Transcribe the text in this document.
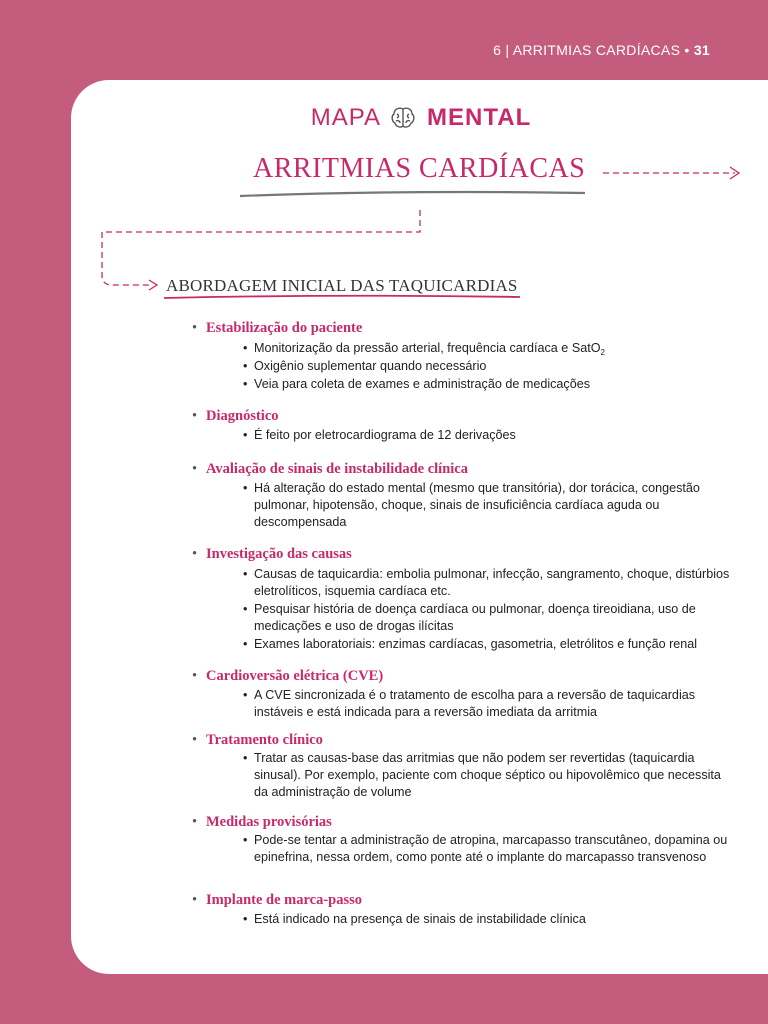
6 | ARRITMIAS CARDÍACAS • 31
MAPA MENTAL
ARRITMIAS CARDÍACAS
ABORDAGEM INICIAL DAS TAQUICARDIAS
• Estabilização do paciente
• Monitorização da pressão arterial, frequência cardíaca e SatO$_2$
• Oxigênio suplementar quando necessário
• Veia para coleta de exames e administração de medicações
• Diagnóstico
• É feito por eletrocardiograma de 12 derivações
• Avaliação de sinais de instabilidade clínica
• Há alteração do estado mental (mesmo que transitória), dor torácica, congestão pulmonar, hipotensão, choque, sinais de insuficiência cardíaca aguda ou descompensada
• Investigação das causas
• Causas de taquicardia: embolia pulmonar, infecção, sangramento, choque, distúrbios eletrolíticos, isquemia cardíaca etc.
• Pesquisar história de doença cardíaca ou pulmonar, doença tireoidiana, uso de medicações e uso de drogas ilícitas
• Exames laboratoriais: enzimas cardíacas, gasometria, eletrólitos e função renal
• Cardioversão elétrica (CVE)
• A CVE sincronizada é o tratamento de escolha para a reversão de taquicardias instáveis e está indicada para a reversão imediata da arritmia
• Tratamento clínico
• Tratar as causas-base das arritmias que não podem ser revertidas (taquicardia sinusal). Por exemplo, paciente com choque séptico ou hipovolêmico que necessita da administração de volume
• Medidas provisórias
• Pode-se tentar a administração de atropina, marcapasso transcutâneo, dopamina ou epinefrina, nessa ordem, como ponte até o implante do marcapasso transvenoso
• Implante de marca-passo
• Está indicado na presença de sinais de instabilidade clínica
